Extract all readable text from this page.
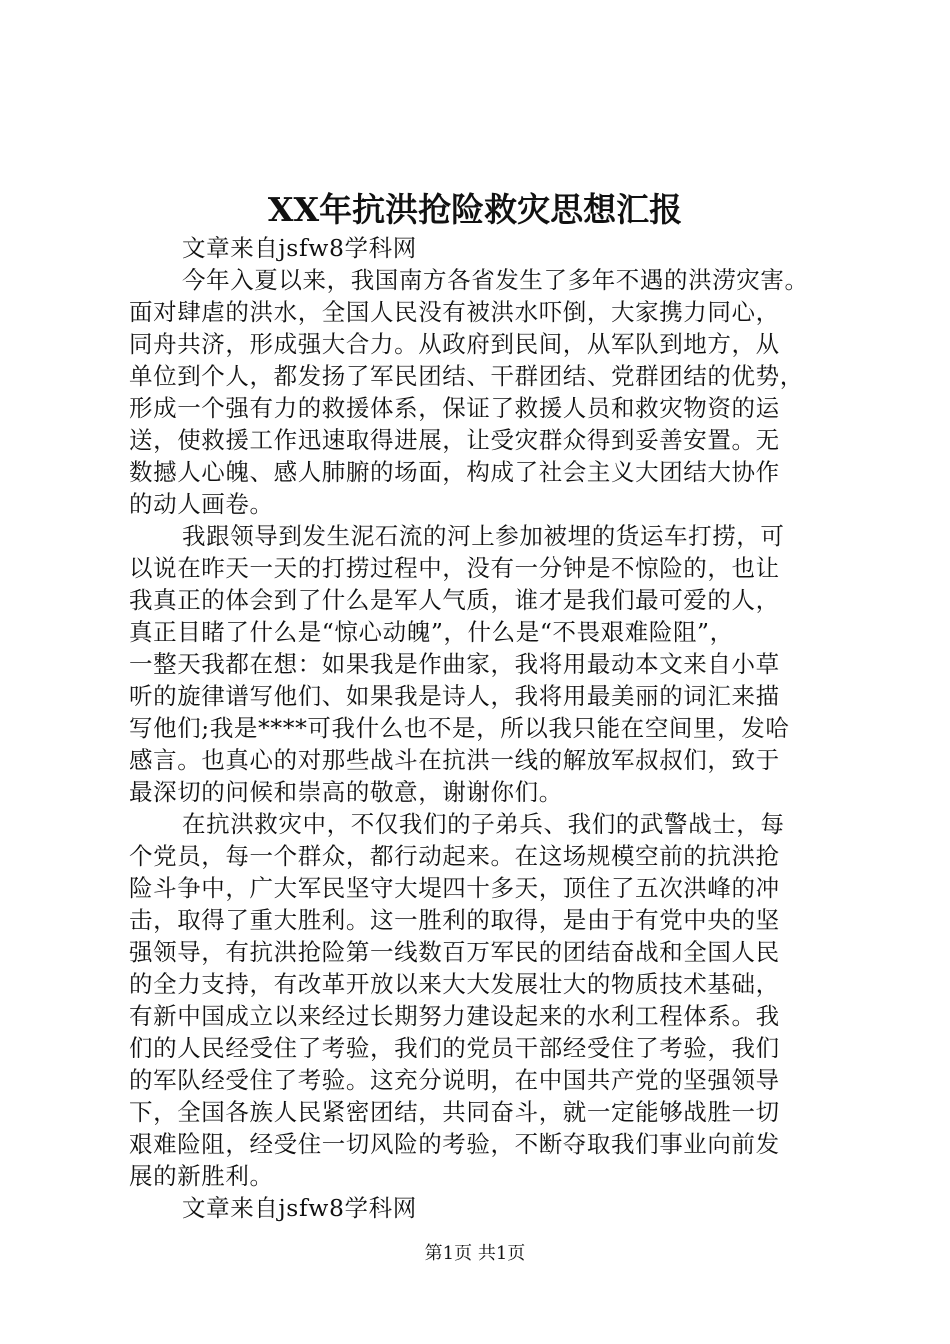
XX年抗洪抢险救灾思想汇报
文章来自jsfw8学科网
今年入夏以来，我国南方各省发生了多年不遇的洪涝灾害。
面对肆虐的洪水，全国人民没有被洪水吓倒，大家携力同心，
同舟共济，形成强大合力。从政府到民间，从军队到地方，从
单位到个人，都发扬了军民团结、干群团结、党群团结的优势，
形成一个强有力的救援体系，保证了救援人员和救灾物资的运
送，使救援工作迅速取得进展，让受灾群众得到妥善安置。无
数撼人心魄、感人肺腑的场面，构成了社会主义大团结大协作
的动人画卷。
我跟领导到发生泥石流的河上参加被埋的货运车打捞，可
以说在昨天一天的打捞过程中，没有一分钟是不惊险的，也让
我真正的体会到了什么是军人气质，谁才是我们最可爱的人，
真正目睹了什么是“惊心动魄”，什么是“不畏艰难险阻”，
一整天我都在想：如果我是作曲家，我将用最动本文来自小草
听的旋律谱写他们、如果我是诗人，我将用最美丽的词汇来描
写他们;我是****可我什么也不是，所以我只能在空间里，发哈
感言。也真心的对那些战斗在抗洪一线的解放军叔叔们，致于
最深切的问候和崇高的敬意，谢谢你们。
在抗洪救灾中，不仅我们的子弟兵、我们的武警战士，每
个党员，每一个群众，都行动起来。在这场规模空前的抗洪抢
险斗争中，广大军民坚守大堤四十多天，顶住了五次洪峰的冲
击，取得了重大胜利。这一胜利的取得，是由于有党中央的坚
强领导，有抗洪抢险第一线数百万军民的团结奋战和全国人民
的全力支持，有改革开放以来大大发展壮大的物质技术基础，
有新中国成立以来经过长期努力建设起来的水利工程体系。我
们的人民经受住了考验，我们的党员干部经受住了考验，我们
的军队经受住了考验。这充分说明，在中国共产党的坚强领导
下，全国各族人民紧密团结，共同奋斗，就一定能够战胜一切
艰难险阻，经受住一切风险的考验，不断夺取我们事业向前发
展的新胜利。
文章来自jsfw8学科网
第1页 共1页
